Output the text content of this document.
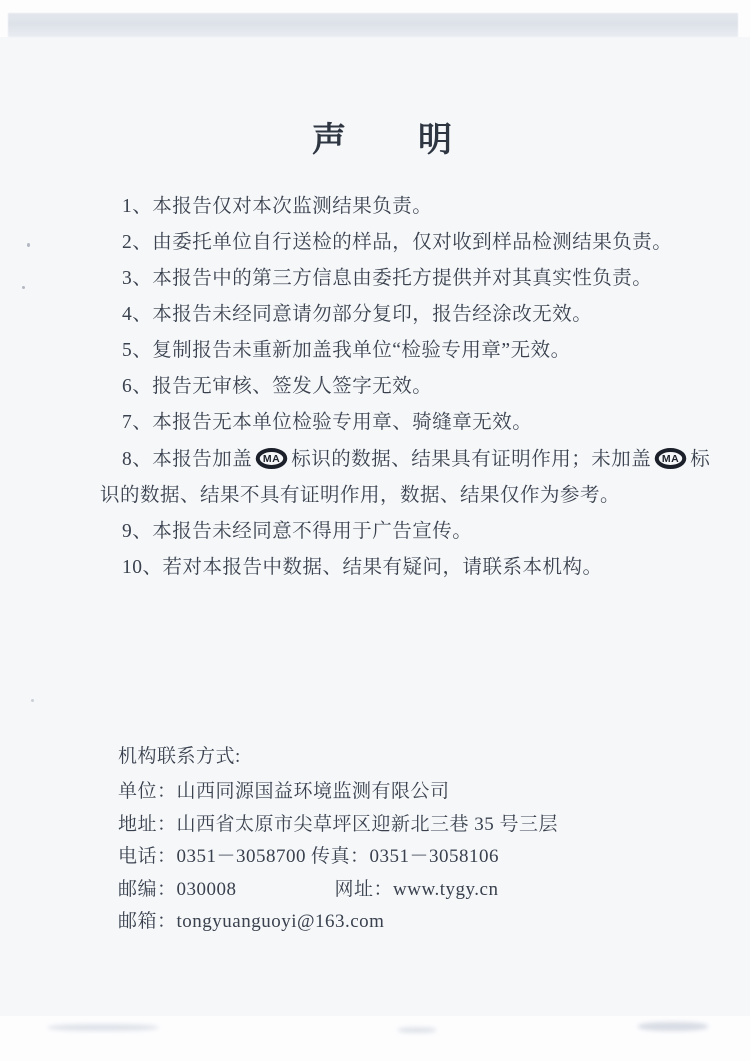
声 明

1、本报告仅对本次监测结果负责。

2、由委托单位自行送检的样品，仅对收到样品检测结果负责。

3、本报告中的第三方信息由委托方提供并对其真实性负责。

4、本报告未经同意请勿部分复印，报告经涂改无效。

5、复制报告未重新加盖我单位“检验专用章”无效。

6、报告无审核、签发人签字无效。

7、本报告无本单位检验专用章、骑缝章无效。

8、本报告加盖 MA 标识的数据、结果具有证明作用；未加盖 MA 标

识的数据、结果不具有证明作用，数据、结果仅作为参考。

9、本报告未经同意不得用于广告宣传。

10、若对本报告中数据、结果有疑问，请联系本机构。

机构联系方式:

单位：山西同源国益环境监测有限公司

地址：山西省太原市尖草坪区迎新北三巷 35 号三层

电话：0351－3058700 传真：0351－3058106

邮编：030008	网址：www.tygy.cn

邮箱：tongyuanguoyi@163.com
